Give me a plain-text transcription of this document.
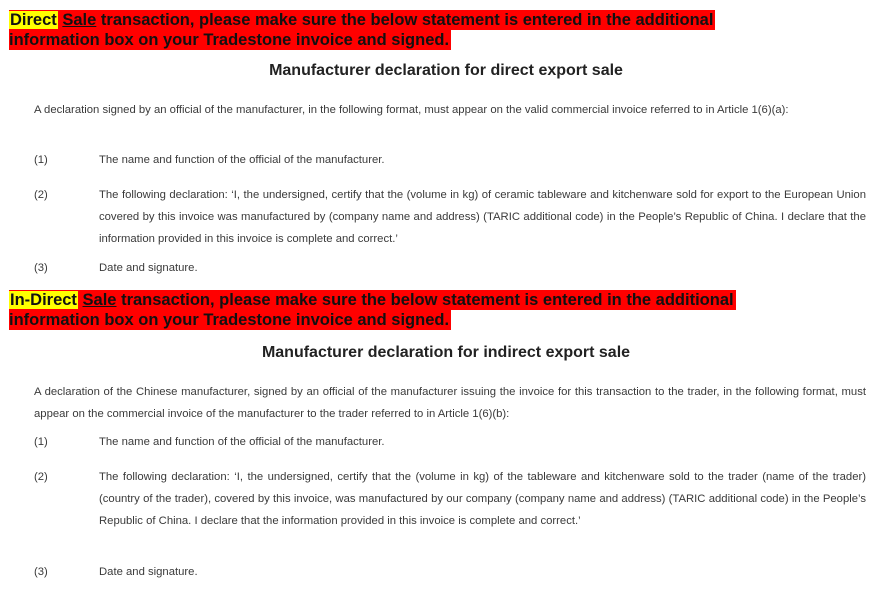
Direct Sale transaction, please make sure the below statement is entered in the additional
information box on your Tradestone invoice and signed.
Manufacturer declaration for direct export sale
A declaration signed by an official of the manufacturer, in the following format, must appear on the valid commercial invoice referred to in Article 1(6)(a):
(1)	The name and function of the official of the manufacturer.
(2)	The following declaration: ‘I, the undersigned, certify that the (volume in kg) of ceramic tableware and kitchenware sold for export to the European Union covered by this invoice was manufactured by (company name and address) (TARIC additional code) in the People’s Republic of China. I declare that the information provided in this invoice is complete and correct.’
(3)	Date and signature.
In-Direct Sale transaction, please make sure the below statement is entered in the additional
information box on your Tradestone invoice and signed.
Manufacturer declaration for indirect export sale
A declaration of the Chinese manufacturer, signed by an official of the manufacturer issuing the invoice for this transaction to the trader, in the following format, must appear on the commercial invoice of the manufacturer to the trader referred to in Article 1(6)(b):
(1)	The name and function of the official of the manufacturer.
(2)	The following declaration: ‘I, the undersigned, certify that the (volume in kg) of the tableware and kitchenware sold to the trader (name of the trader) (country of the trader), covered by this invoice, was manufactured by our company (company name and address) (TARIC additional code) in the People’s Republic of China. I declare that the information provided in this invoice is complete and correct.’
(3)	Date and signature.
